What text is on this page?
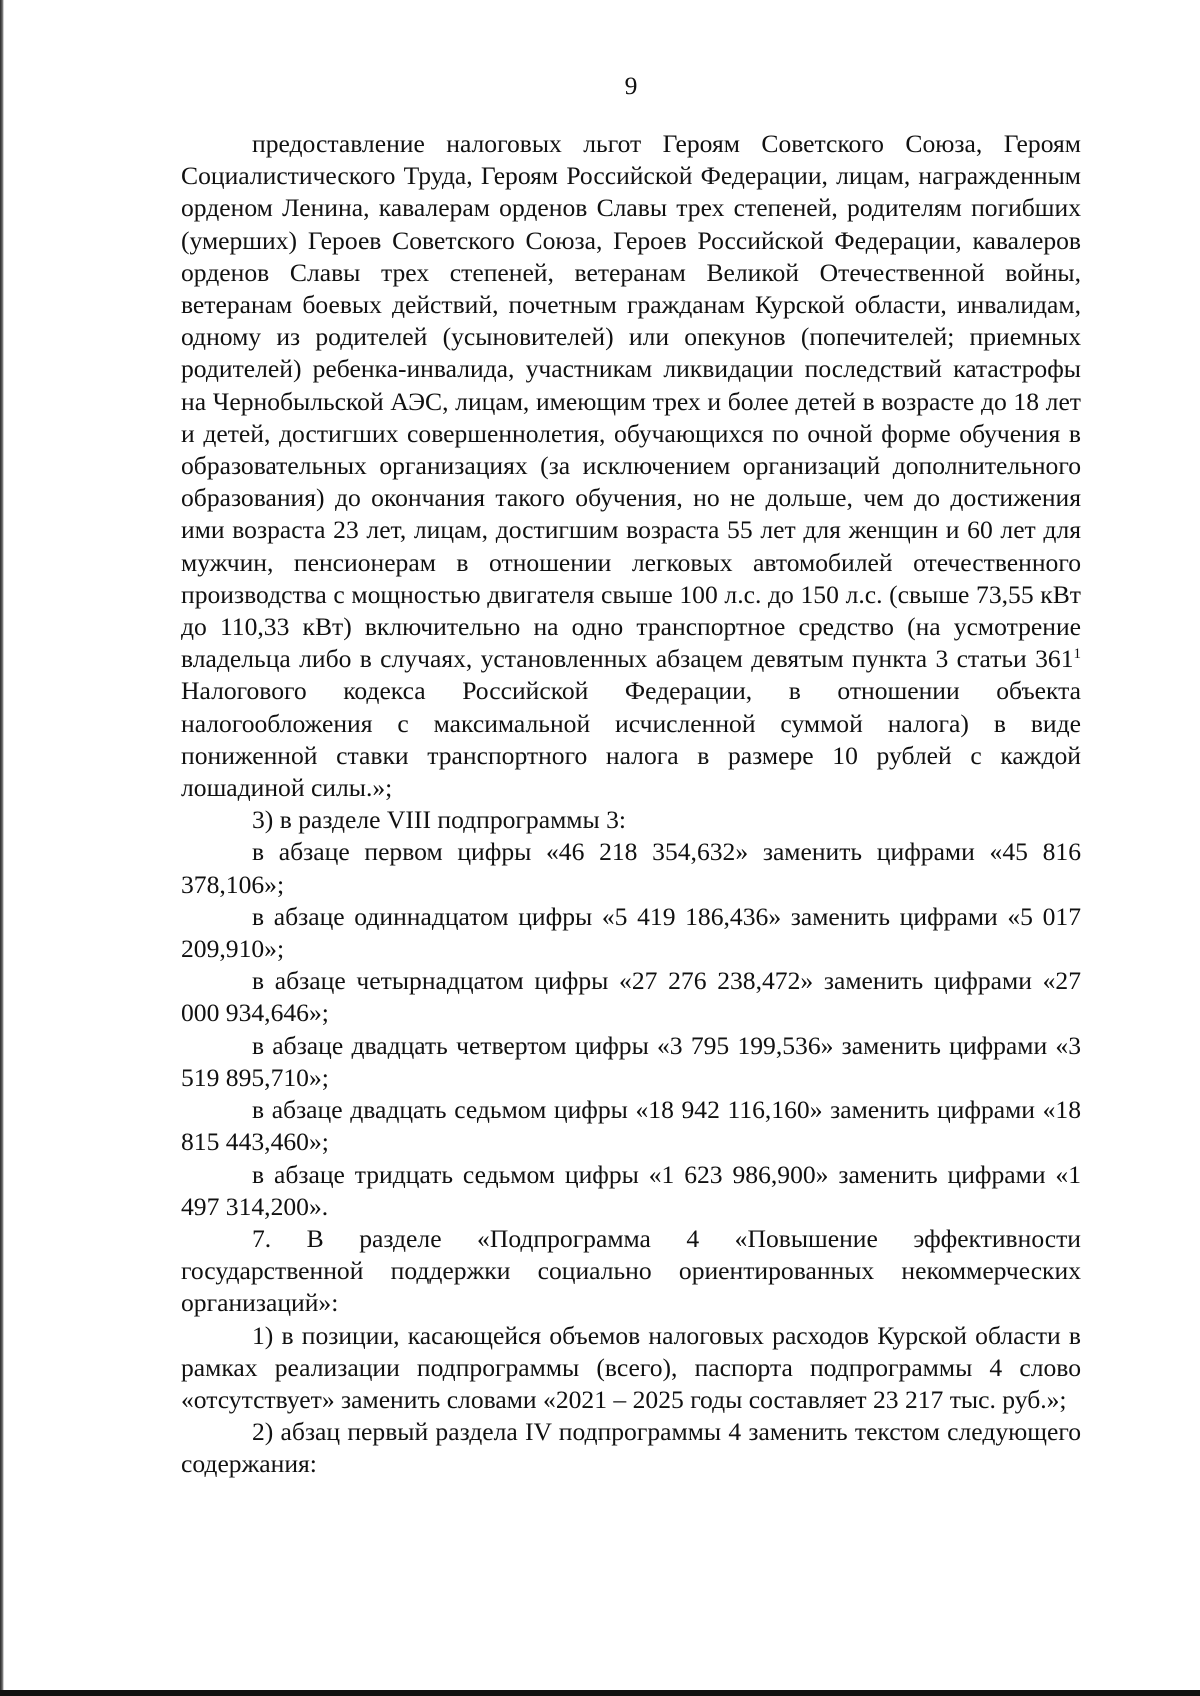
9

предоставление налоговых льгот Героям Советского Союза, Героям Социалистического Труда, Героям Российской Федерации, лицам, награжденным орденом Ленина, кавалерам орденов Славы трех степеней, родителям погибших (умерших) Героев Советского Союза, Героев Российской Федерации, кавалеров орденов Славы трех степеней, ветеранам Великой Отечественной войны, ветеранам боевых действий, почетным гражданам Курской области, инвалидам, одному из родителей (усыновителей) или опекунов (попечителей; приемных родителей) ребенка-инвалида, участникам ликвидации последствий катастрофы на Чернобыльской АЭС, лицам, имеющим трех и более детей в возрасте до 18 лет и детей, достигших совершеннолетия, обучающихся по очной форме обучения в образовательных организациях (за исключением организаций дополнительного образования) до окончания такого обучения, но не дольше, чем до достижения ими возраста 23 лет, лицам, достигшим возраста 55 лет для женщин и 60 лет для мужчин, пенсионерам в отношении легковых автомобилей отечественного производства с мощностью двигателя свыше 100 л.с. до 150 л.с. (свыше 73,55 кВт до 110,33 кВт) включительно на одно транспортное средство (на усмотрение владельца либо в случаях, установленных абзацем девятым пункта 3 статьи $361^1$ Налогового кодекса Российской Федерации, в отношении объекта налогообложения с максимальной исчисленной суммой налога) в виде пониженной ставки транспортного налога в размере 10 рублей с каждой лошадиной силы.»;

3) в разделе VIII подпрограммы 3:

в абзаце первом цифры «46 218 354,632» заменить цифрами «45 816 378,106»;

в абзаце одиннадцатом цифры «5 419 186,436» заменить цифрами «5 017 209,910»;

в абзаце четырнадцатом цифры «27 276 238,472» заменить цифрами «27 000 934,646»;

в абзаце двадцать четвертом цифры «3 795 199,536» заменить цифрами «3 519 895,710»;

в абзаце двадцать седьмом цифры «18 942 116,160» заменить цифрами «18 815 443,460»;

в абзаце тридцать седьмом цифры «1 623 986,900» заменить цифрами «1 497 314,200».

7. В разделе «Подпрограмма 4 «Повышение эффективности государственной поддержки социально ориентированных некоммерческих организаций»:

1) в позиции, касающейся объемов налоговых расходов Курской области в рамках реализации подпрограммы (всего), паспорта подпрограммы 4 слово «отсутствует» заменить словами «2021 – 2025 годы составляет 23 217 тыс. руб.»;

2) абзац первый раздела IV подпрограммы 4 заменить текстом следующего содержания:
